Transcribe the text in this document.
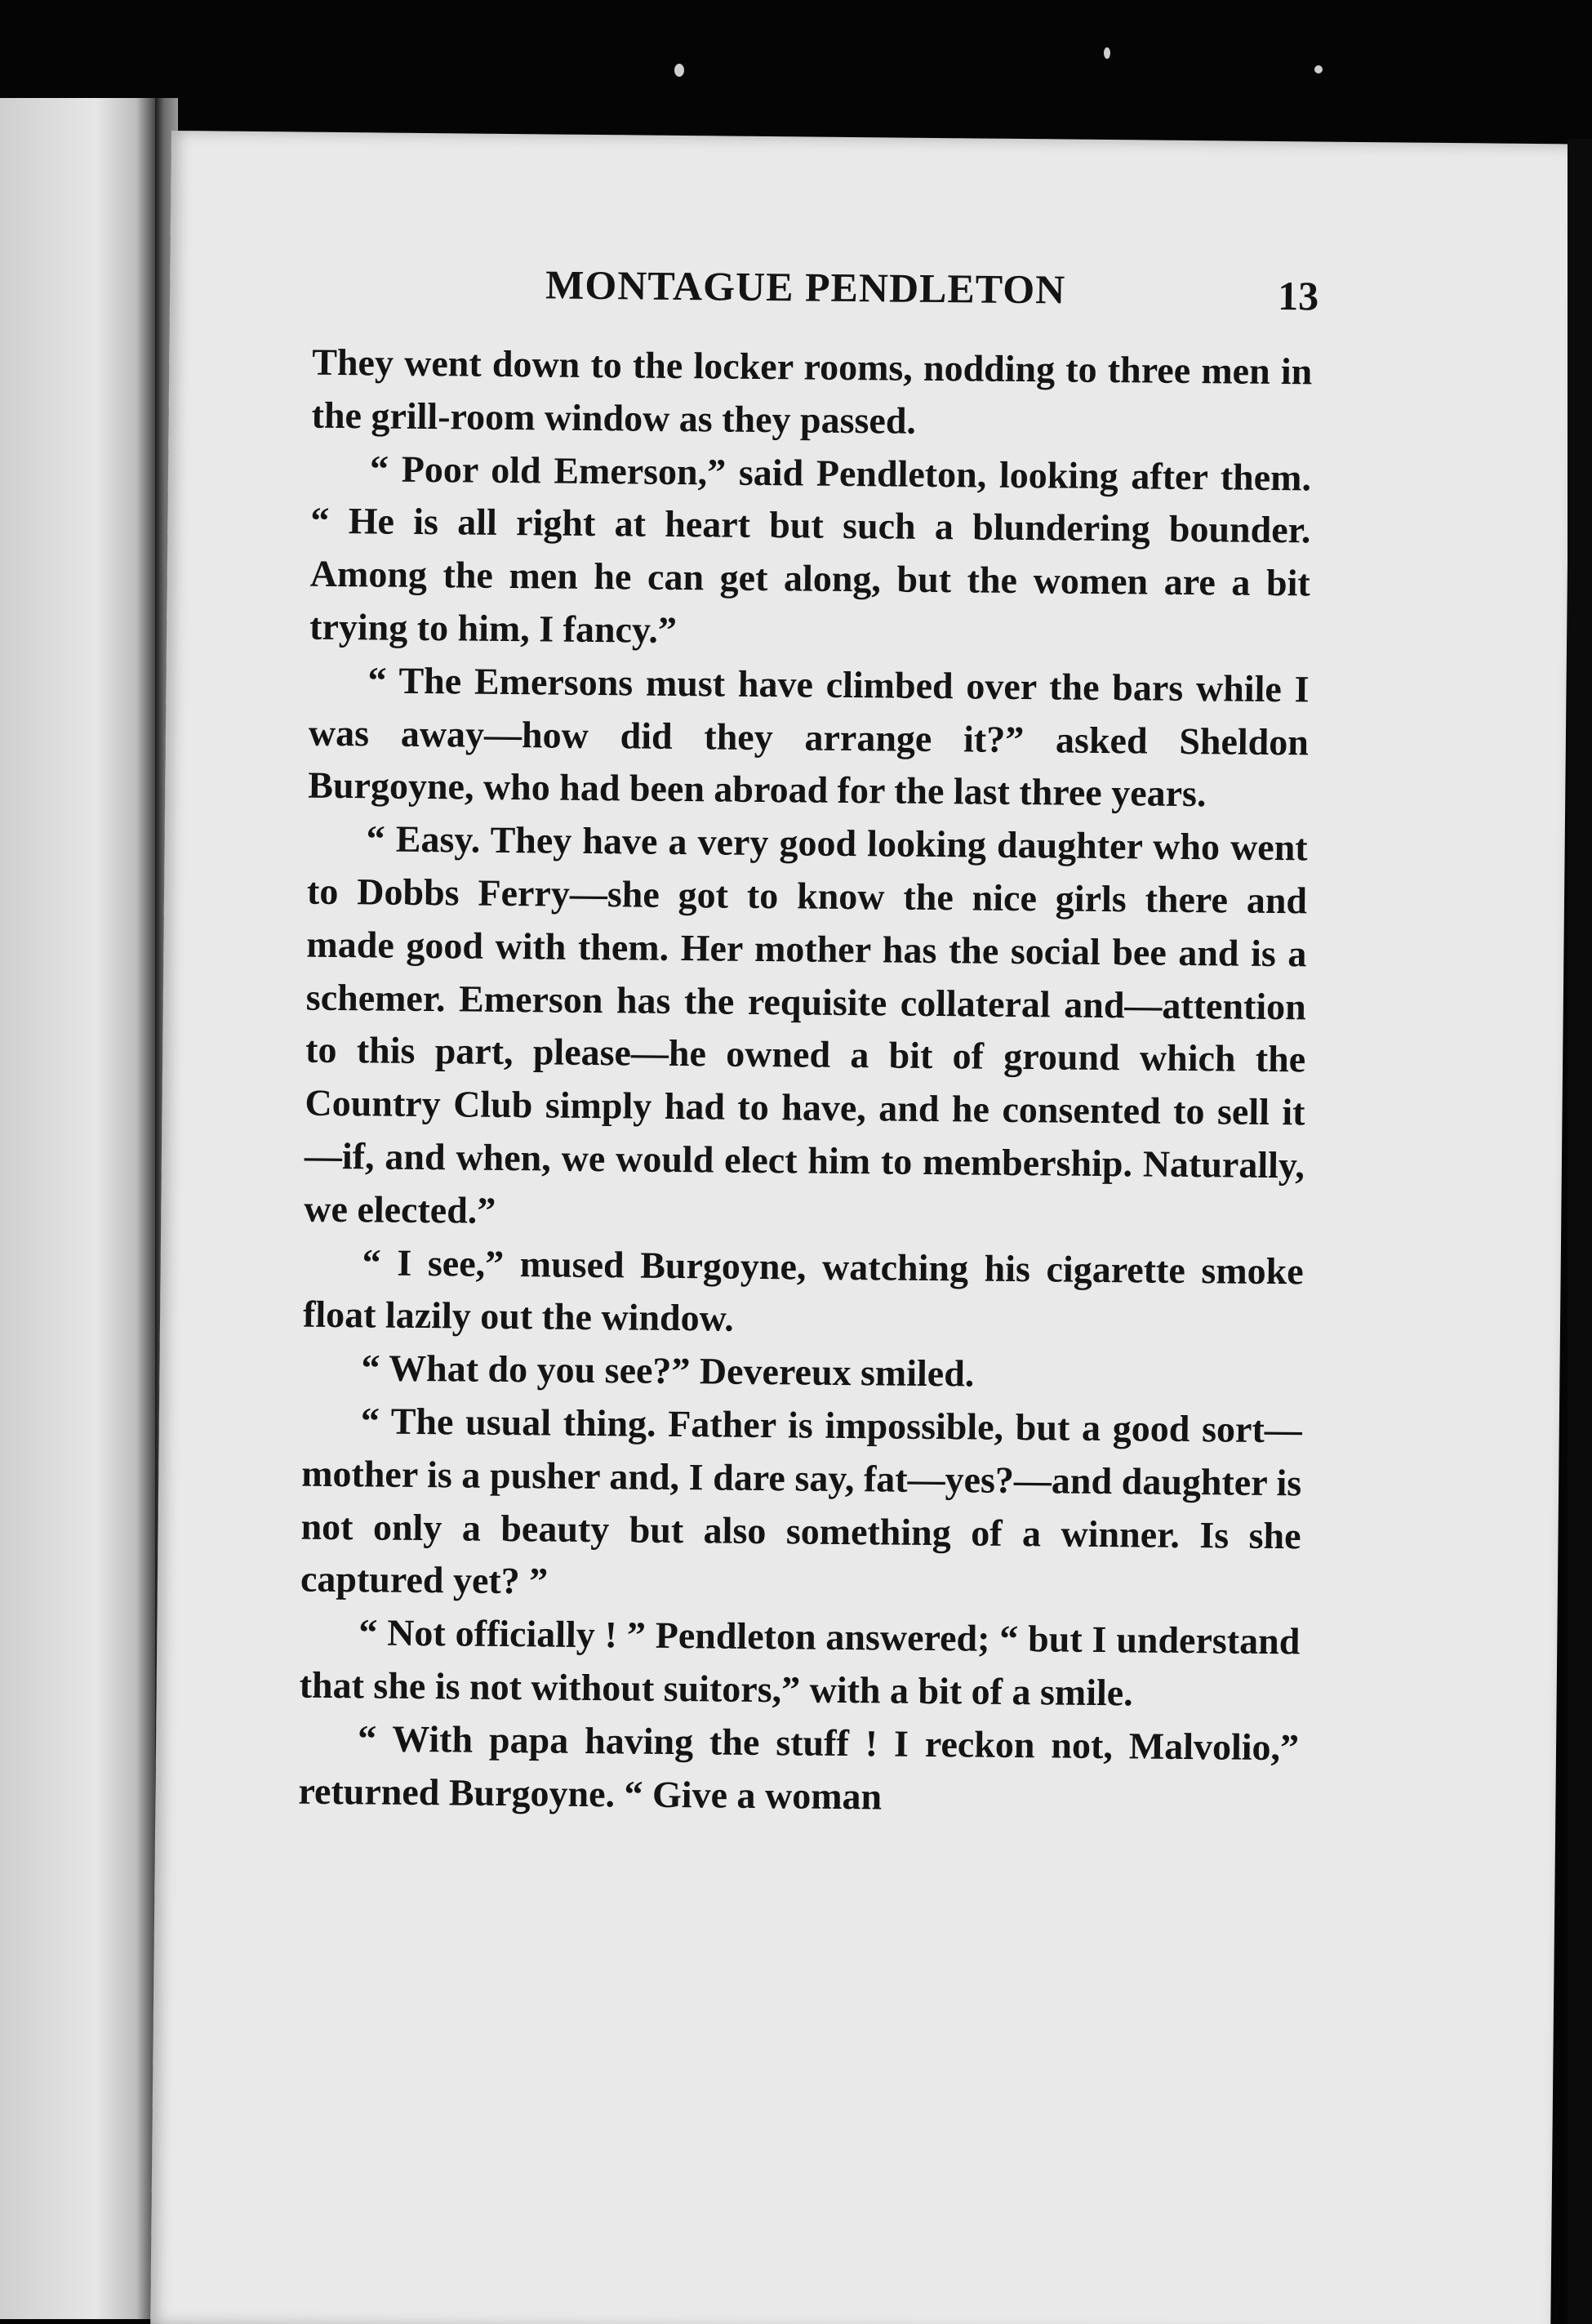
MONTAGUE PENDLETON	13

They went down to the locker rooms, nodding to three men in the grill-room window as they passed.

“ Poor old Emerson,” said Pendleton, looking after them. “ He is all right at heart but such a blundering bounder. Among the men he can get along, but the women are a bit trying to him, I fancy.”

“ The Emersons must have climbed over the bars while I was away—how did they arrange it?” asked Sheldon Burgoyne, who had been abroad for the last three years.

“ Easy. They have a very good looking daughter who went to Dobbs Ferry—she got to know the nice girls there and made good with them. Her mother has the social bee and is a schemer. Emerson has the requisite collateral and—attention to this part, please—he owned a bit of ground which the Country Club simply had to have, and he consented to sell it—if, and when, we would elect him to membership. Naturally, we elected.”

“ I see,” mused Burgoyne, watching his cigarette smoke float lazily out the window.

“ What do you see?” Devereux smiled.

“ The usual thing. Father is impossible, but a good sort—mother is a pusher and, I dare say, fat—yes?—and daughter is not only a beauty but also something of a winner. Is she captured yet? ”

“ Not officially ! ” Pendleton answered; “ but I understand that she is not without suitors,” with a bit of a smile.

“ With papa having the stuff ! I reckon not, Malvolio,” returned Burgoyne. “ Give a woman
